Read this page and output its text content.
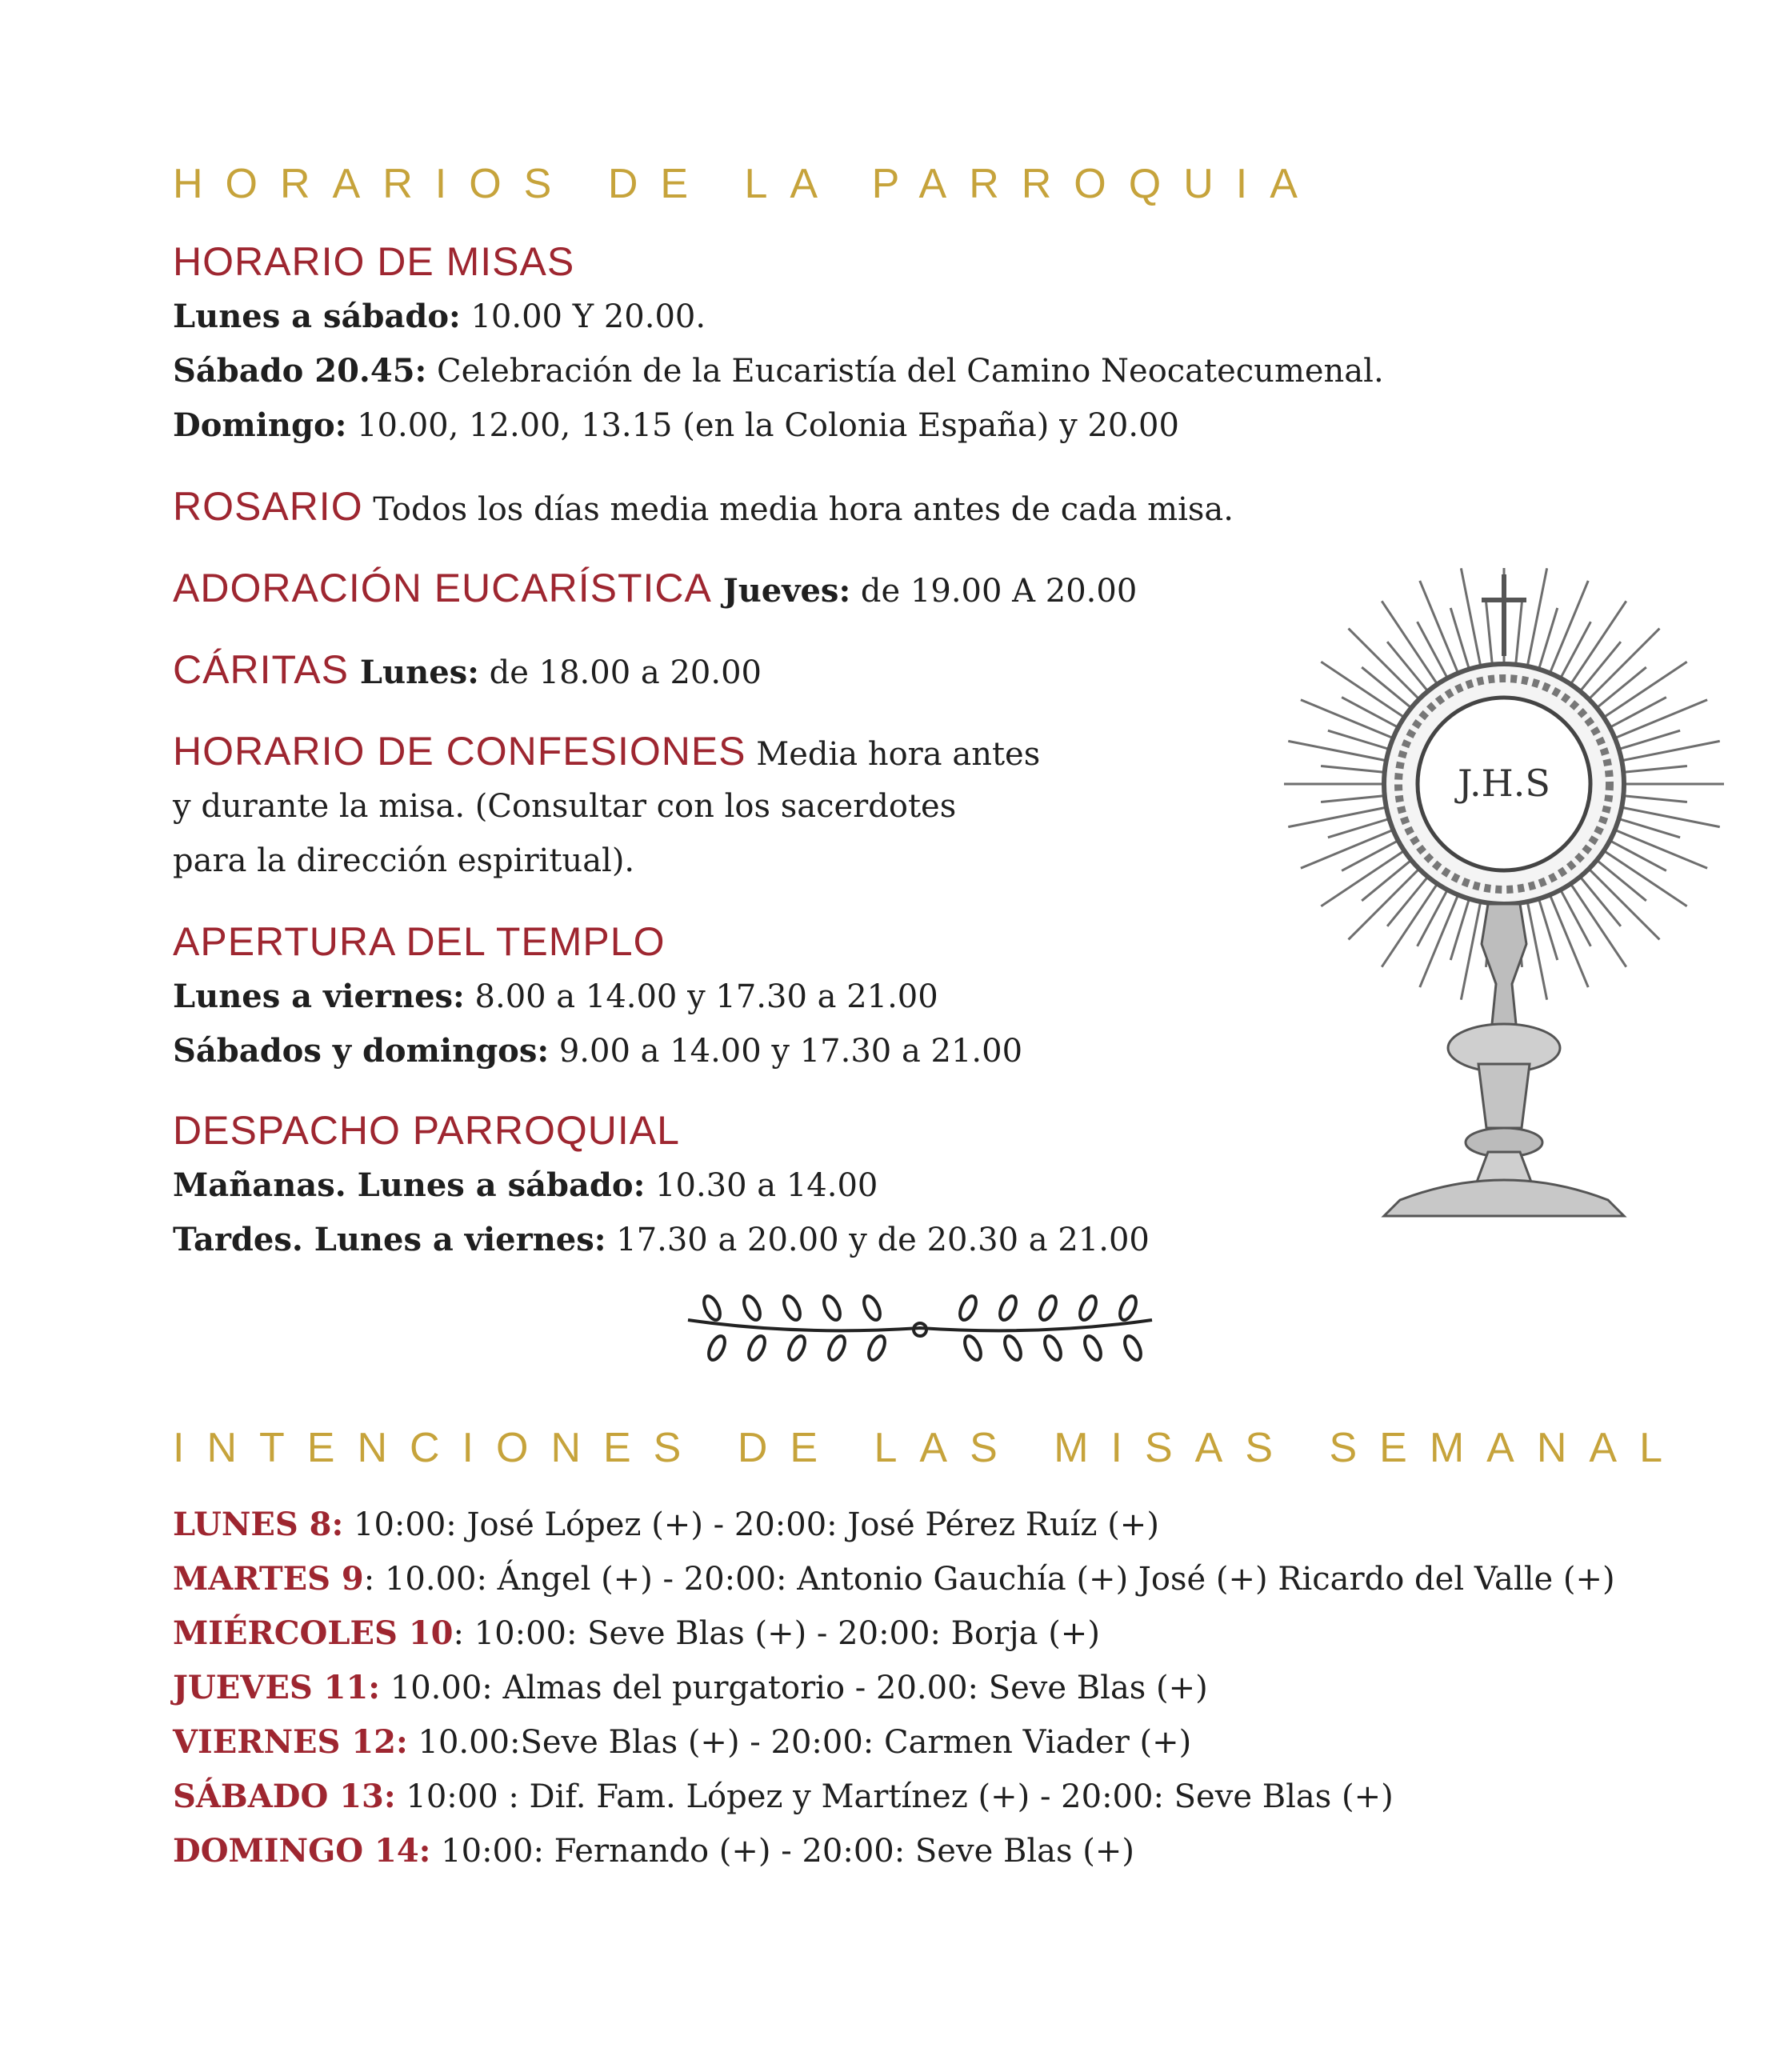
HORARIOS DE LA PARROQUIA
HORARIO DE MISAS
Lunes a sábado: 10.00 Y 20.00.
Sábado 20.45: Celebración de la Eucaristía del Camino Neocatecumenal.
Domingo: 10.00, 12.00, 13.15 (en la Colonia España) y 20.00
ROSARIO Todos los días media media hora antes de cada misa.
ADORACIÓN EUCARÍSTICA Jueves: de 19.00 A 20.00
CÁRITAS Lunes: de 18.00 a 20.00
HORARIO DE CONFESIONES Media hora antes
y durante la misa. (Consultar con los sacerdotes
para la dirección espiritual).
APERTURA DEL TEMPLO
Lunes a viernes: 8.00 a 14.00 y 17.30 a 21.00
Sábados y domingos: 9.00 a 14.00 y 17.30 a 21.00
DESPACHO PARROQUIAL
Mañanas. Lunes a sábado: 10.30 a 14.00
Tardes. Lunes a viernes: 17.30 a 20.00 y de 20.30 a 21.00
J.H.S
INTENCIONES DE LAS MISAS SEMANAL
LUNES 8: 10:00: José López (+) - 20:00: José Pérez Ruíz (+)
MARTES 9: 10.00: Ángel (+) - 20:00: Antonio Gauchía (+) José (+) Ricardo del Valle (+)
MIÉRCOLES 10: 10:00: Seve Blas (+) - 20:00: Borja (+)
JUEVES 11: 10.00: Almas del purgatorio - 20.00: Seve Blas (+)
VIERNES 12: 10.00:Seve Blas (+) - 20:00: Carmen Viader (+)
SÁBADO 13: 10:00 : Dif. Fam. López y Martínez (+) - 20:00: Seve Blas (+)
DOMINGO 14: 10:00: Fernando (+) - 20:00: Seve Blas (+)
